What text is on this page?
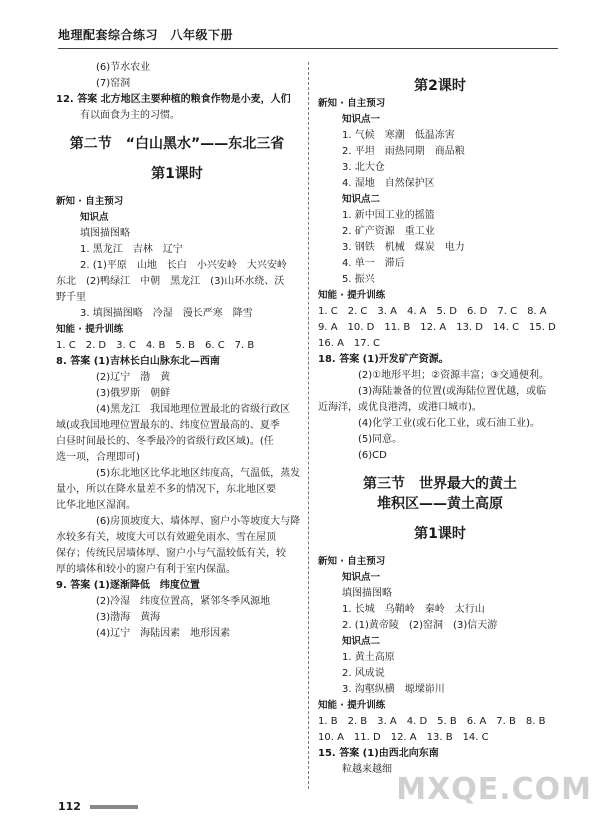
地理配套综合练习　八年级下册
(6)节水农业
(7)窑洞
12. 答案 北方地区主要种植的粮食作物是小麦，人们
有以面食为主的习惯。
第二节　“白山黑水”——东北三省
第1课时
新知 · 自主预习
知识点
填图描图略
1. 黑龙江　吉林　辽宁
2. (1)平原　山地　长白　小兴安岭　大兴安岭
东北　(2)鸭绿江　中朝　黑龙江　(3)山环水绕、沃
野千里
3. 填图描图略　冷湿　漫长严寒　降雪
知能 · 提升训练
1. C　2. D　3. C　4. B　5. B　6. C　7. B
8. 答案 (1)吉林长白山脉东北—西南
(2)辽宁　渤　黄
(3)俄罗斯　朝鲜
(4)黑龙江　我国地理位置最北的省级行政区
域(或我国地理位置最东的、纬度位置最高的、夏季
白昼时间最长的、冬季最冷的省级行政区域)。(任
选一项，合理即可)
(5)东北地区比华北地区纬度高，气温低，蒸发
量小，所以在降水量差不多的情况下，东北地区要
比华北地区湿润。
(6)房顶坡度大、墙体厚、窗户小等坡度大与降
水较多有关，坡度大可以有效避免雨水、雪在屋顶
保存；传统民居墙体厚、窗户小与气温较低有关，较
厚的墙体和较小的窗户有利于室内保温。
9. 答案 (1)逐渐降低　纬度位置
(2)冷湿　纬度位置高，紧邻冬季风源地
(3)渤海　黄海
(4)辽宁　海陆因素　地形因素
第2课时
新知 · 自主预习
知识点一
1. 气候　寒潮　低温冻害
2. 平坦　雨热同期　商品粮
3. 北大仓
4. 湿地　自然保护区
知识点二
1. 新中国工业的摇篮
2. 矿产资源　重工业
3. 钢铁　机械　煤炭　电力
4. 单一　滞后
5. 振兴
知能 · 提升训练
1. C　2. C　3. A　4. A　5. D　6. D　7. C　8. A
9. A　10. D　11. B　12. A　13. D　14. C　15. D
16. A　17. C
18. 答案 (1)开发矿产资源。
(2)①地形平坦；②资源丰富；③交通便利。
(3)海陆兼备的位置(或海陆位置优越，或临
近海洋，或优良港湾，或港口城市)。
(4)化学工业(或石化工业，或石油工业)。
(5)同意。
(6)CD
第三节　世界最大的黄土
堆积区——黄土高原
第1课时
新知 · 自主预习
知识点一
填图描图略
1. 长城　乌鞘岭　秦岭　太行山
2. (1)黄帝陵　(2)窑洞　(3)信天游
知识点二
1. 黄土高原
2. 风成说
3. 沟壑纵横　塬墚峁川
知能 · 提升训练
1. B　2. B　3. A　4. D　5. B　6. A　7. B　8. B
10. A　11. D　12. A　13. B　14. C
15. 答案 (1)由西北向东南
粒越来越细
112	MXQE.COM
